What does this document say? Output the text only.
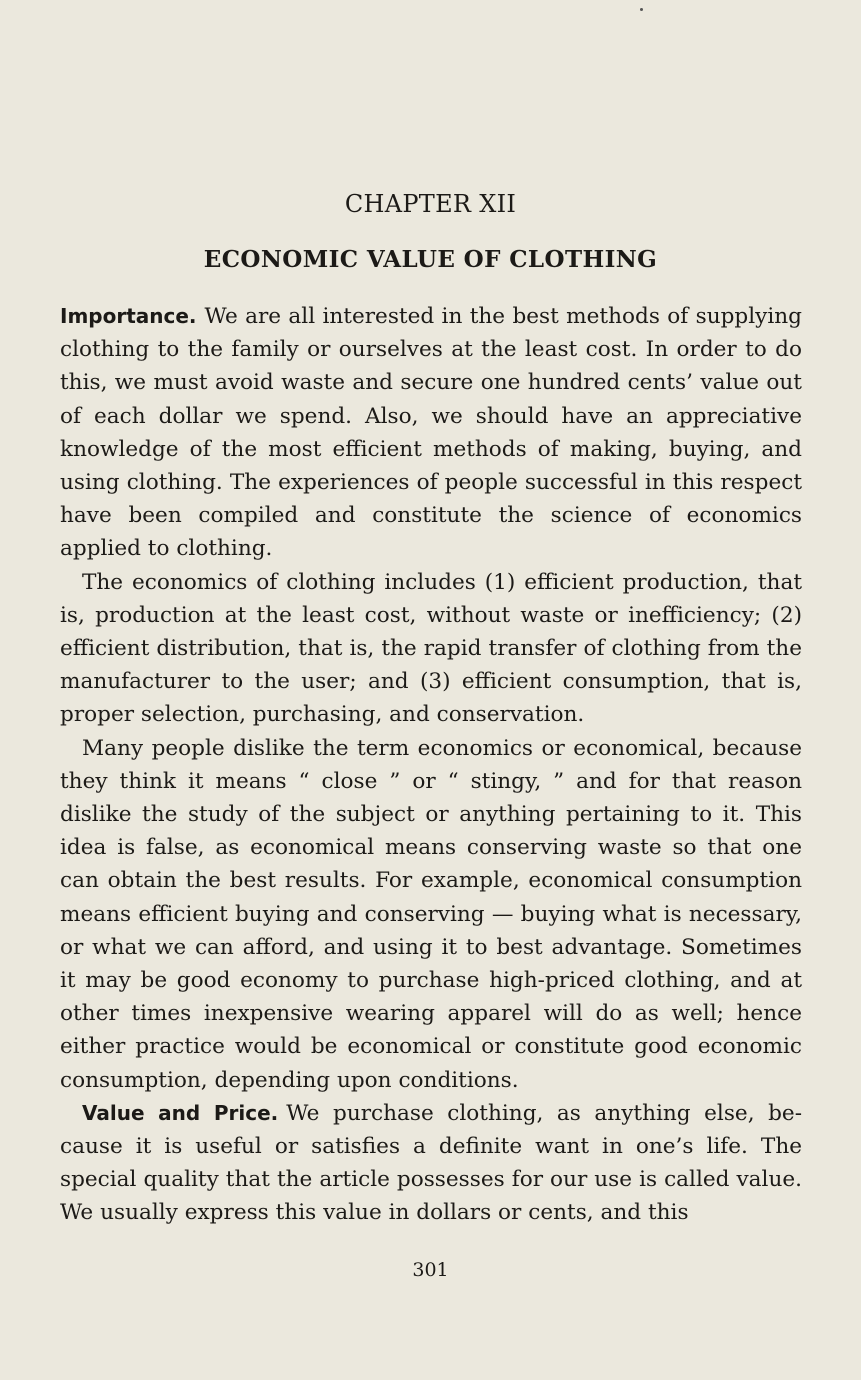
CHAPTER XII
ECONOMIC VALUE OF CLOTHING

Importance. We are all interested in the best methods of supplying clothing to the family or ourselves at the least cost. In order to do this, we must avoid waste and secure one hundred cents’ value out of each dollar we spend. Also, we should have an appreciative knowledge of the most efficient methods of making, buying, and using clothing. The experiences of people successful in this respect have been compiled and constitute the science of economics applied to clothing.

The economics of clothing includes (1) efficient production, that is, production at the least cost, without waste or inefficiency; (2) efficient distribution, that is, the rapid transfer of clothing from the manufacturer to the user; and (3) efficient consumption, that is, proper selection, purchasing, and conservation.

Many people dislike the term economics or economical, because they think it means “ close ” or “ stingy, ” and for that reason dislike the study of the subject or anything pertaining to it. This idea is false, as economical means conserving waste so that one can obtain the best results. For example, economical consumption means efficient buying and conserving — buying what is necessary, or what we can afford, and using it to best advantage. Sometimes it may be good economy to purchase high-priced clothing, and at other times inexpensive wearing apparel will do as well; hence either practice would be economical or constitute good economic consumption, depending upon conditions.

Value and Price. We purchase clothing, as anything else, because it is useful or satisfies a definite want in one’s life. The special quality that the article possesses for our use is called value. We usually express this value in dollars or cents, and this

301
